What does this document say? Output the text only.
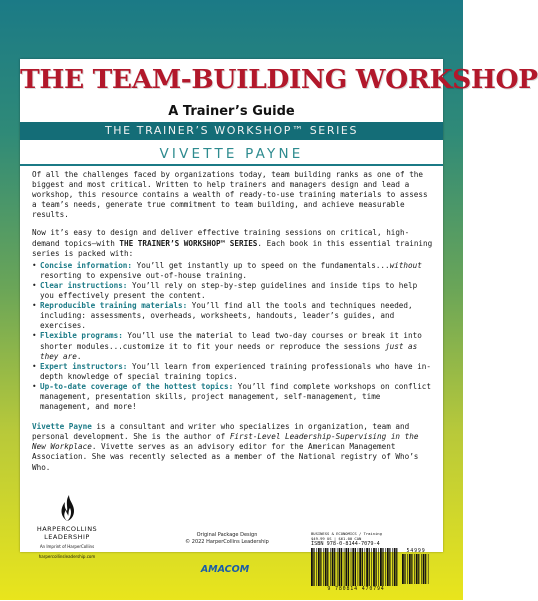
THE TEAM-BUILDING WORKSHOP
A Trainer’s Guide
THE TRAINER’S WORKSHOP™ SERIES
VIVETTE PAYNE

Of all the challenges faced by organizations today, team building ranks as one of the biggest and most critical. Written to help trainers and managers design and lead a workshop, this resource contains a wealth of ready-to-use training materials to assess a team’s needs, generate true commitment to team building, and achieve measurable results.

Now it’s easy to design and deliver effective training sessions on critical, high-demand topics—with THE TRAINER’S WORKSHOP™ SERIES. Each book in this essential training series is packed with:

• Concise information: You’ll get instantly up to speed on the fundamentals...without resorting to expensive out-of-house training.
• Clear instructions: You’ll rely on step-by-step guidelines and inside tips to help you effectively present the content.
• Reproducible training materials: You’ll find all the tools and techniques needed, including: assessments, overheads, worksheets, handouts, leader’s guides, and exercises.
• Flexible programs: You’ll use the material to lead two-day courses or break it into shorter modules...customize it to fit your needs or reproduce the sessions just as they are.
• Expert instructors: You’ll learn from experienced training professionals who have in-depth knowledge of special training topics.
• Up-to-date coverage of the hottest topics: You’ll find complete workshops on conflict management, presentation skills, project management, self-management, time management, and more!

Vivette Payne is a consultant and writer who specializes in organization, team and personal development. She is the author of First-Level Leadership-Supervising in the New Workplace. Vivette serves as an advisory editor for the American Management Association. She was recently selected as a member of the National registry of Who’s Who.

HARPERCOLLINS
LEADERSHIP
An Imprint of HarperCollins
harpercollinsleadership.com
Original Package Design
© 2022 HarperCollins Leadership
AMACOM
BUSINESS & ECONOMICS / Training
$49.99 US | $61.00 CAN
ISBN 978-0-8144-7079-4
54999
9 780814 470794
